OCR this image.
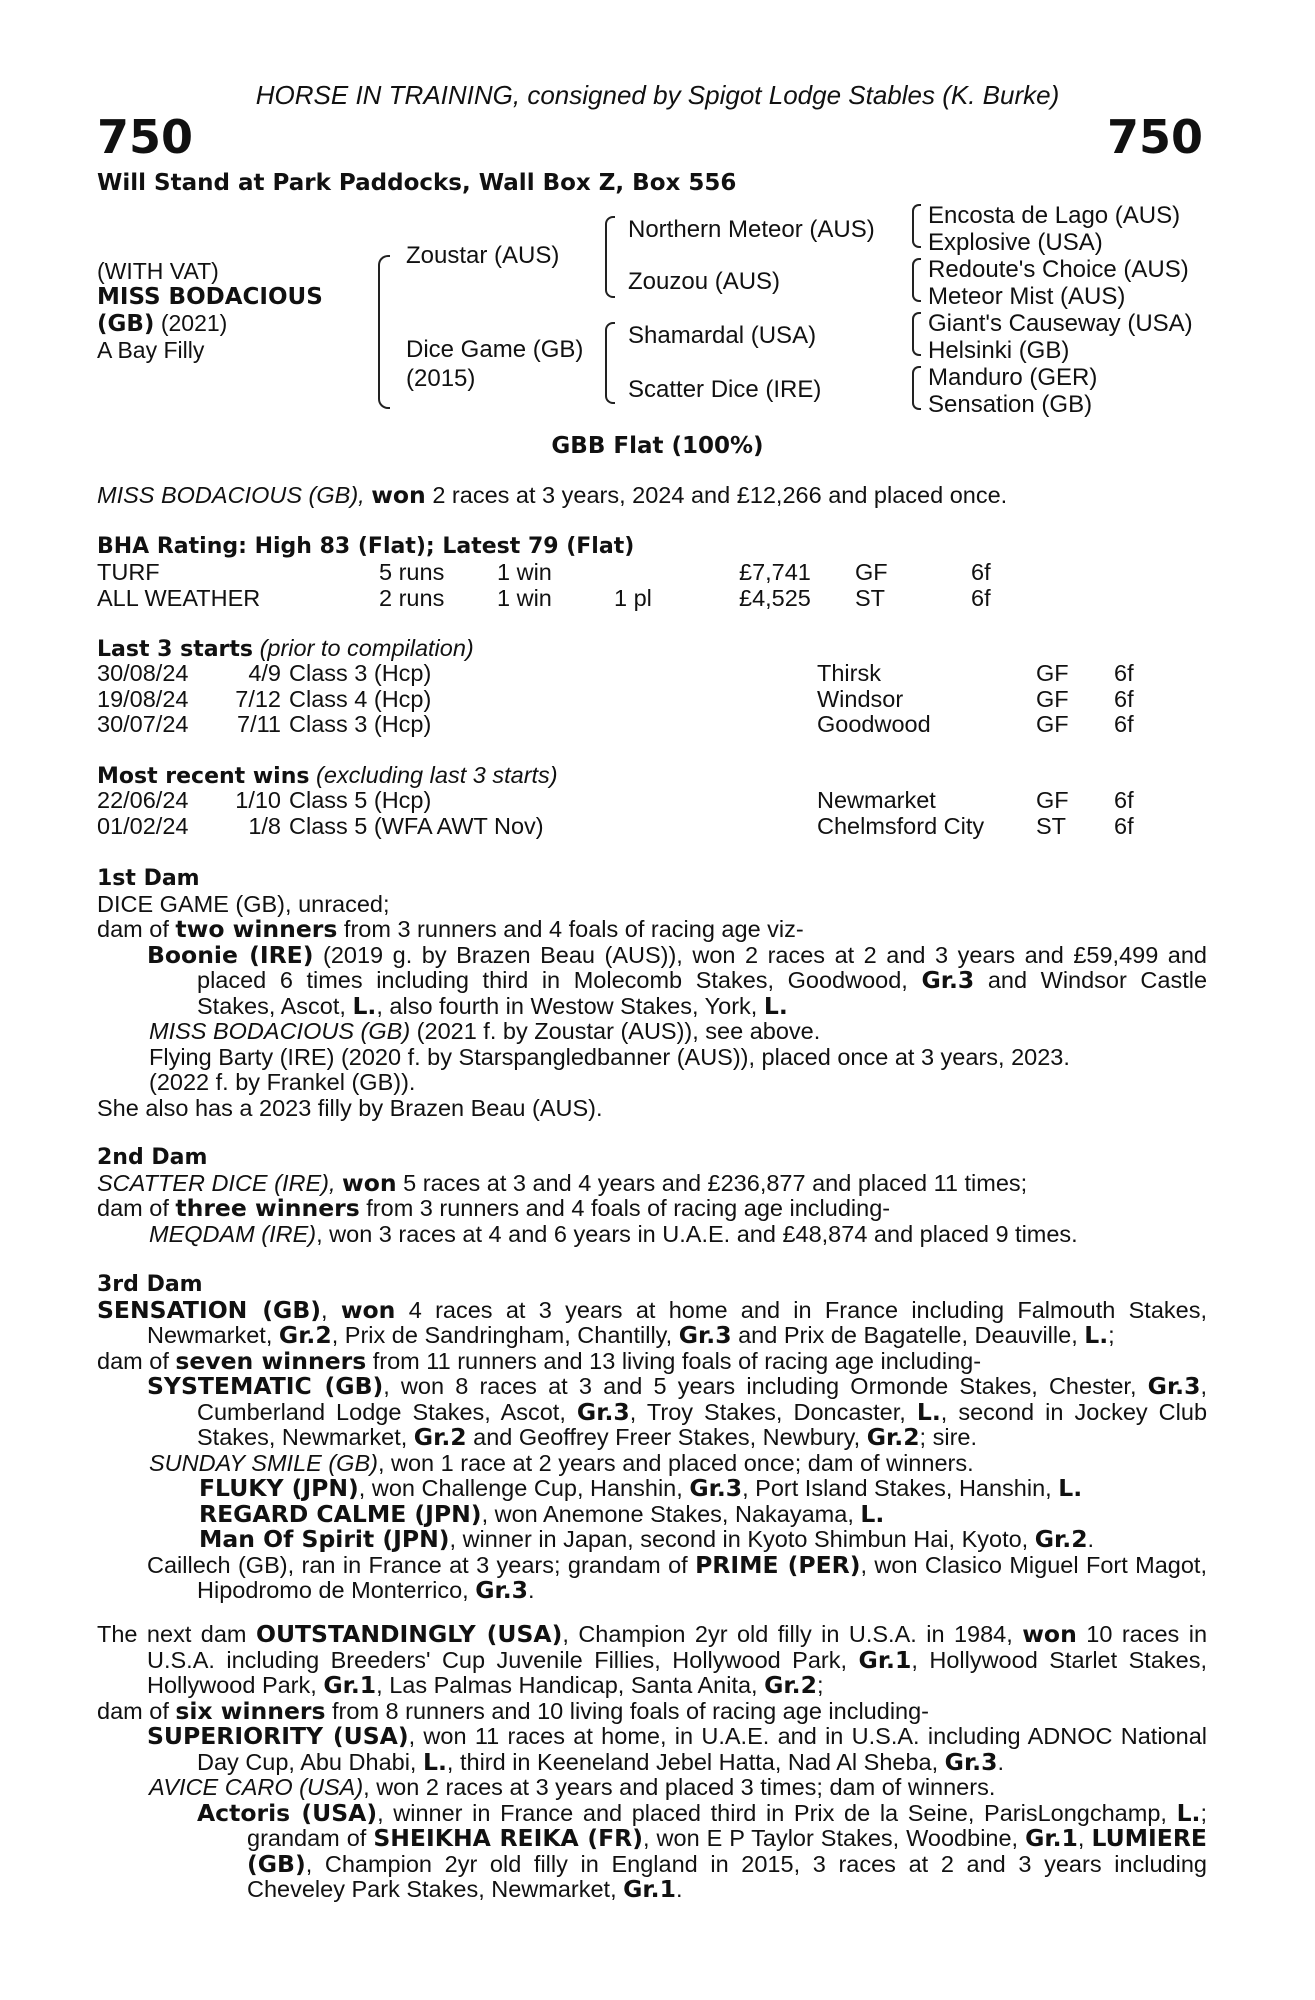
HORSE IN TRAINING, consigned by Spigot Lodge Stables (K. Burke)
750	750
Will Stand at Park Paddocks, Wall Box Z, Box 556
(WITH VAT)
MISS BODACIOUS
(GB) (2021)
A Bay Filly
Zoustar (AUS)
Dice Game (GB)
(2015)
Northern Meteor (AUS)
Zouzou (AUS)
Shamardal (USA)
Scatter Dice (IRE)
Encosta de Lago (AUS)
Explosive (USA)
Redoute's Choice (AUS)
Meteor Mist (AUS)
Giant's Causeway (USA)
Helsinki (GB)
Manduro (GER)
Sensation (GB)
GBB Flat (100%)
MISS BODACIOUS (GB), won 2 races at 3 years, 2024 and £12,266 and placed once.
BHA Rating: High 83 (Flat); Latest 79 (Flat)
TURF	5 runs 1 win	£7,741 GF	6f
ALL WEATHER	2 runs 1 win	1 pl	£4,525 ST	6f
Last 3 starts (prior to compilation)
30/08/24	4/9 Class 3 (Hcp)	Thirsk	GF 6f
19/08/24	7/12 Class 4 (Hcp)	Windsor	GF 6f
30/07/24	7/11 Class 3 (Hcp)	Goodwood	GF 6f
Most recent wins (excluding last 3 starts)
22/06/24	1/10 Class 5 (Hcp)	Newmarket	GF 6f
01/02/24	1/8 Class 5 (WFA AWT Nov)	Chelmsford City ST 6f
1st Dam
DICE GAME (GB), unraced;
dam of two winners from 3 runners and 4 foals of racing age viz-
Boonie (IRE) (2019 g. by Brazen Beau (AUS)), won 2 races at 2 and 3 years and £59,499 and placed 6 times including third in Molecomb Stakes, Goodwood, Gr.3 and Windsor Castle Stakes, Ascot, L., also fourth in Westow Stakes, York, L.
MISS BODACIOUS (GB) (2021 f. by Zoustar (AUS)), see above.
Flying Barty (IRE) (2020 f. by Starspangledbanner (AUS)), placed once at 3 years, 2023.
(2022 f. by Frankel (GB)).
She also has a 2023 filly by Brazen Beau (AUS).
2nd Dam
SCATTER DICE (IRE), won 5 races at 3 and 4 years and £236,877 and placed 11 times;
dam of three winners from 3 runners and 4 foals of racing age including-
MEQDAM (IRE), won 3 races at 4 and 6 years in U.A.E. and £48,874 and placed 9 times.
3rd Dam
SENSATION (GB), won 4 races at 3 years at home and in France including Falmouth Stakes, Newmarket, Gr.2, Prix de Sandringham, Chantilly, Gr.3 and Prix de Bagatelle, Deauville, L.;
dam of seven winners from 11 runners and 13 living foals of racing age including-
SYSTEMATIC (GB), won 8 races at 3 and 5 years including Ormonde Stakes, Chester, Gr.3, Cumberland Lodge Stakes, Ascot, Gr.3, Troy Stakes, Doncaster, L., second in Jockey Club Stakes, Newmarket, Gr.2 and Geoffrey Freer Stakes, Newbury, Gr.2; sire.
SUNDAY SMILE (GB), won 1 race at 2 years and placed once; dam of winners.
FLUKY (JPN), won Challenge Cup, Hanshin, Gr.3, Port Island Stakes, Hanshin, L.
REGARD CALME (JPN), won Anemone Stakes, Nakayama, L.
Man Of Spirit (JPN), winner in Japan, second in Kyoto Shimbun Hai, Kyoto, Gr.2.
Caillech (GB), ran in France at 3 years; grandam of PRIME (PER), won Clasico Miguel Fort Magot, Hipodromo de Monterrico, Gr.3.
The next dam OUTSTANDINGLY (USA), Champion 2yr old filly in U.S.A. in 1984, won 10 races in U.S.A. including Breeders' Cup Juvenile Fillies, Hollywood Park, Gr.1, Hollywood Starlet Stakes, Hollywood Park, Gr.1, Las Palmas Handicap, Santa Anita, Gr.2;
dam of six winners from 8 runners and 10 living foals of racing age including-
SUPERIORITY (USA), won 11 races at home, in U.A.E. and in U.S.A. including ADNOC National Day Cup, Abu Dhabi, L., third in Keeneland Jebel Hatta, Nad Al Sheba, Gr.3.
AVICE CARO (USA), won 2 races at 3 years and placed 3 times; dam of winners.
Actoris (USA), winner in France and placed third in Prix de la Seine, ParisLongchamp, L.; grandam of SHEIKHA REIKA (FR), won E P Taylor Stakes, Woodbine, Gr.1, LUMIERE (GB), Champion 2yr old filly in England in 2015, 3 races at 2 and 3 years including Cheveley Park Stakes, Newmarket, Gr.1.
